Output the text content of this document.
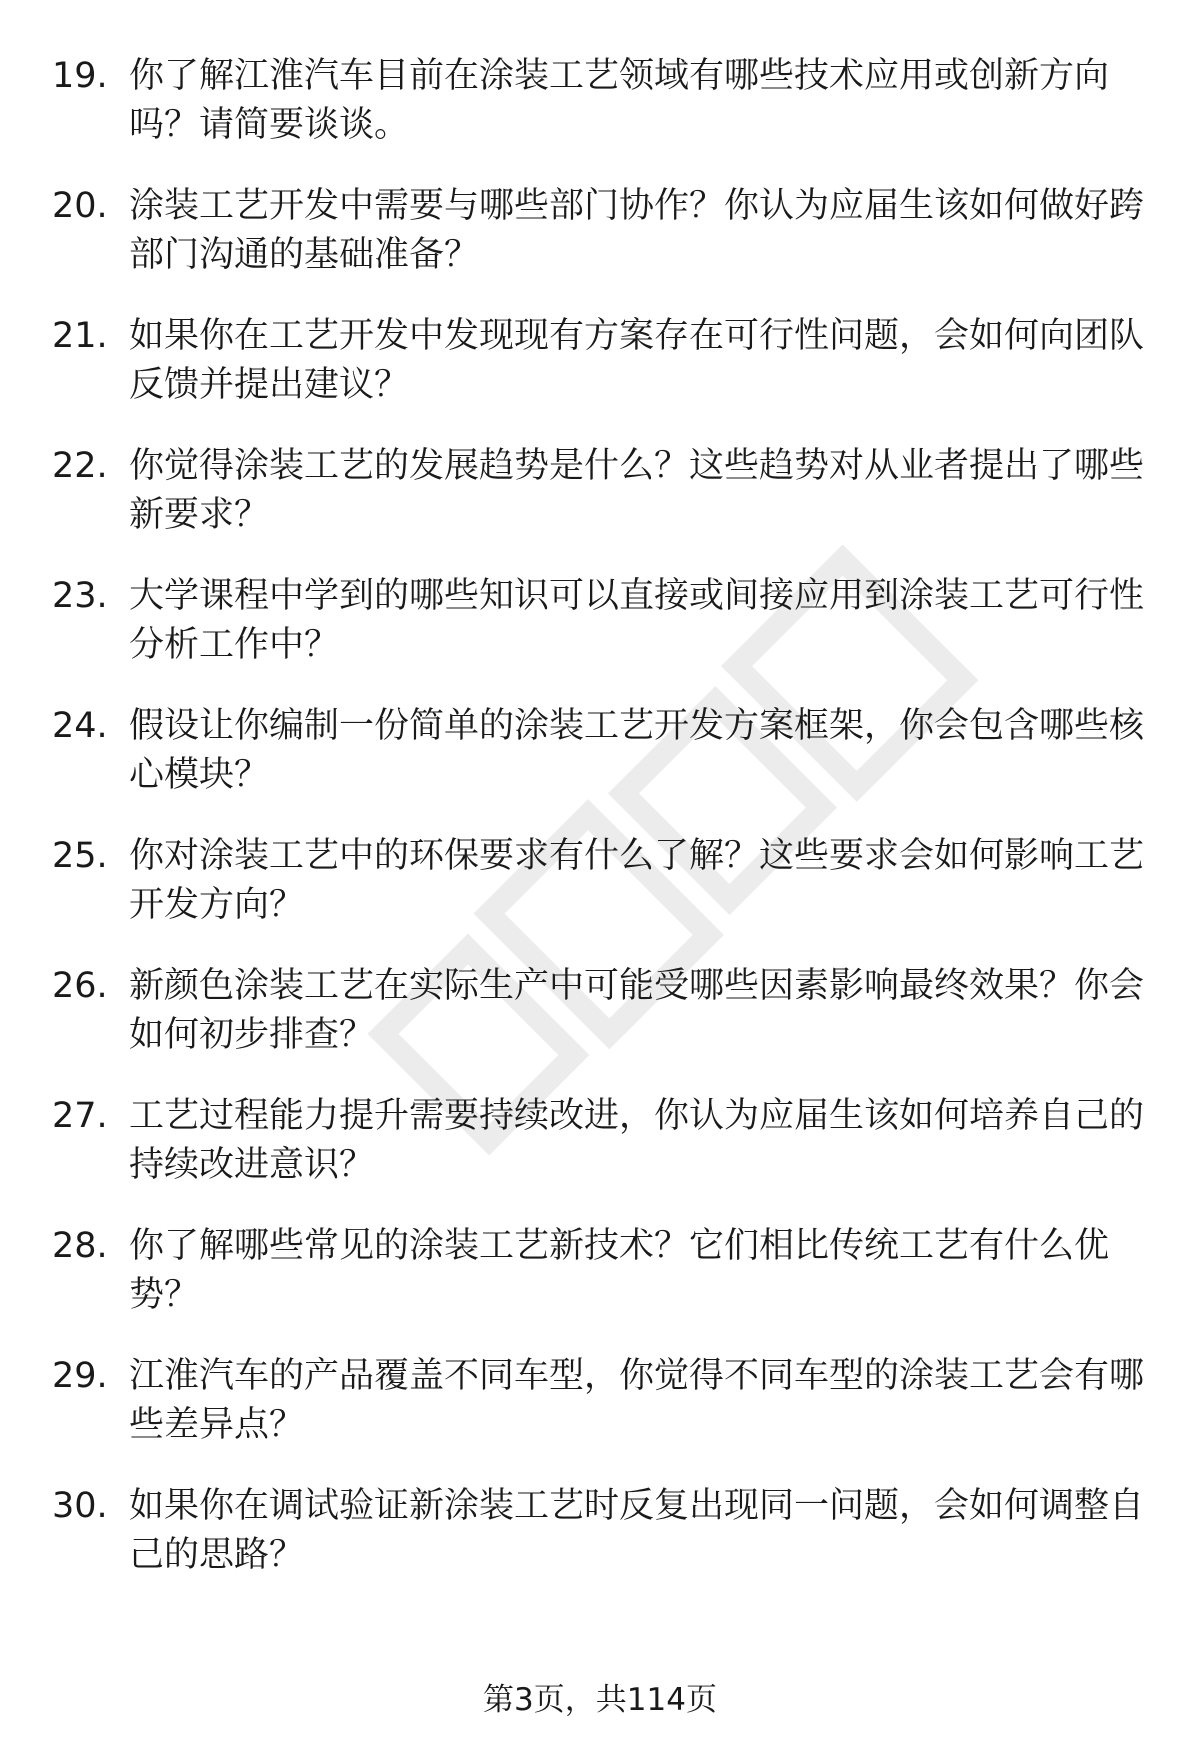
19. 你了解江淮汽车目前在涂装工艺领域有哪些技术应用或创新方向吗？请简要谈谈。
20. 涂装工艺开发中需要与哪些部门协作？你认为应届生该如何做好跨部门沟通的基础准备？
21. 如果你在工艺开发中发现现有方案存在可行性问题，会如何向团队反馈并提出建议？
22. 你觉得涂装工艺的发展趋势是什么？这些趋势对从业者提出了哪些新要求？
23. 大学课程中学到的哪些知识可以直接或间接应用到涂装工艺可行性分析工作中？
24. 假设让你编制一份简单的涂装工艺开发方案框架，你会包含哪些核心模块？
25. 你对涂装工艺中的环保要求有什么了解？这些要求会如何影响工艺开发方向？
26. 新颜色涂装工艺在实际生产中可能受哪些因素影响最终效果？你会如何初步排查？
27. 工艺过程能力提升需要持续改进，你认为应届生该如何培养自己的持续改进意识？
28. 你了解哪些常见的涂装工艺新技术？它们相比传统工艺有什么优势？
29. 江淮汽车的产品覆盖不同车型，你觉得不同车型的涂装工艺会有哪些差异点？
30. 如果你在调试验证新涂装工艺时反复出现同一问题，会如何调整自己的思路？
第3页，共114页
